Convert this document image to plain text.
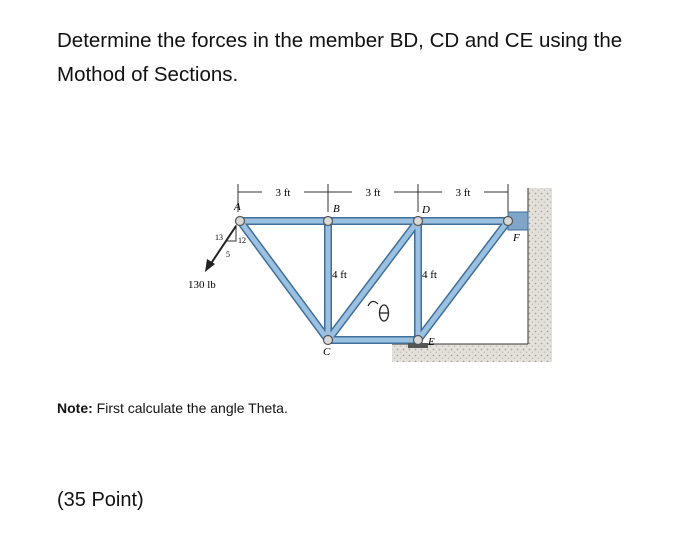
Determine the forces in the member BD, CD and CE using the
Mothod of Sections.

3 ft	3 ft	3 ft
A	B	D
F
C
E
4 ft	4 ft
13 12
5
130 lb

Note: First calculate the angle Theta.

(35 Point)
